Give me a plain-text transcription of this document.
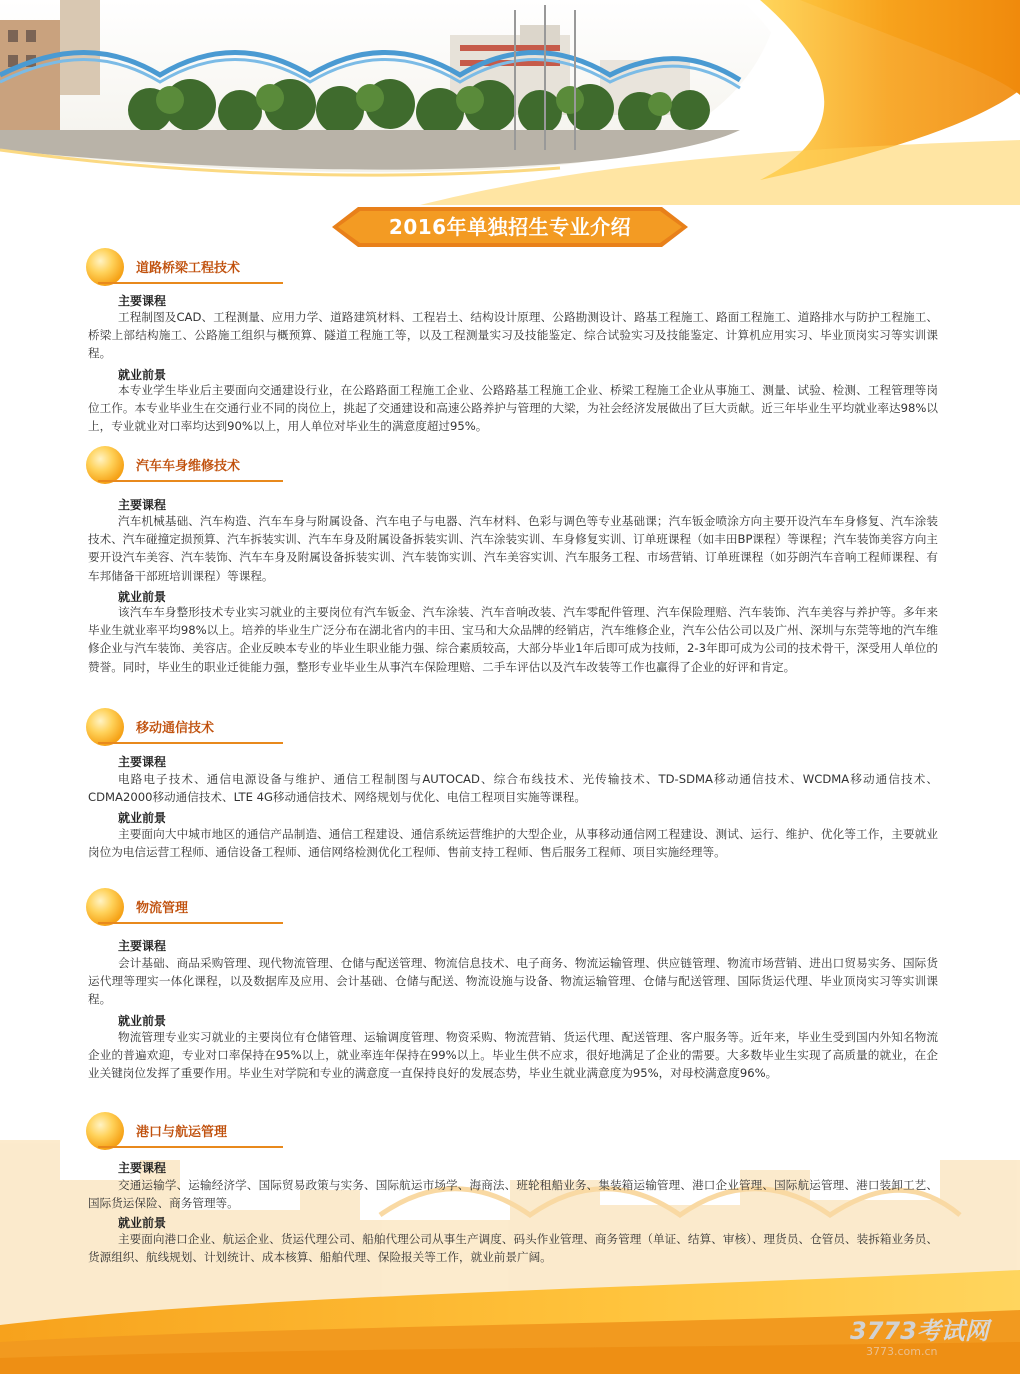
2016年单独招生专业介绍
道路桥梁工程技术
主要课程
工程制图及CAD、工程测量、应用力学、道路建筑材料、工程岩土、结构设计原理、公路勘测设计、路基工程施工、路面工程施工、道路排水与防护工程施工、桥梁上部结构施工、公路施工组织与概预算、隧道工程施工等，以及工程测量实习及技能鉴定、综合试验实习及技能鉴定、计算机应用实习、毕业顶岗实习等实训课程。
就业前景
本专业学生毕业后主要面向交通建设行业，在公路路面工程施工企业、公路路基工程施工企业、桥梁工程施工企业从事施工、测量、试验、检测、工程管理等岗位工作。本专业毕业生在交通行业不同的岗位上，挑起了交通建设和高速公路养护与管理的大梁，为社会经济发展做出了巨大贡献。近三年毕业生平均就业率达98%以上，专业就业对口率均达到90%以上，用人单位对毕业生的满意度超过95%。
汽车车身维修技术
主要课程
汽车机械基础、汽车构造、汽车车身与附属设备、汽车电子与电器、汽车材料、色彩与调色等专业基础课；汽车钣金喷涂方向主要开设汽车车身修复、汽车涂装技术、汽车碰撞定损预算、汽车拆装实训、汽车车身及附属设备拆装实训、汽车涂装实训、车身修复实训、订单班课程（如丰田BP课程）等课程；汽车装饰美容方向主要开设汽车美容、汽车装饰、汽车车身及附属设备拆装实训、汽车装饰实训、汽车美容实训、汽车服务工程、市场营销、订单班课程（如芬朗汽车音响工程师课程、有车邦储备干部班培训课程）等课程。
就业前景
该汽车车身整形技术专业实习就业的主要岗位有汽车钣金、汽车涂装、汽车音响改装、汽车零配件管理、汽车保险理赔、汽车装饰、汽车美容与养护等。多年来毕业生就业率平均98%以上。培养的毕业生广泛分布在湖北省内的丰田、宝马和大众品牌的经销店，汽车维修企业，汽车公估公司以及广州、深圳与东莞等地的汽车维修企业与汽车装饰、美容店。企业反映本专业的毕业生职业能力强、综合素质较高，大部分毕业1年后即可成为技师，2-3年即可成为公司的技术骨干，深受用人单位的赞誉。同时，毕业生的职业迁徙能力强，整形专业毕业生从事汽车保险理赔、二手车评估以及汽车改装等工作也赢得了企业的好评和肯定。
移动通信技术
主要课程
电路电子技术、通信电源设备与维护、通信工程制图与AUTOCAD、综合布线技术、光传输技术、TD-SDMA移动通信技术、WCDMA移动通信技术、CDMA2000移动通信技术、LTE 4G移动通信技术、网络规划与优化、电信工程项目实施等课程。
就业前景
主要面向大中城市地区的通信产品制造、通信工程建设、通信系统运营维护的大型企业，从事移动通信网工程建设、测试、运行、维护、优化等工作，主要就业岗位为电信运营工程师、通信设备工程师、通信网络检测优化工程师、售前支持工程师、售后服务工程师、项目实施经理等。
物流管理
主要课程
会计基础、商品采购管理、现代物流管理、仓储与配送管理、物流信息技术、电子商务、物流运输管理、供应链管理、物流市场营销、进出口贸易实务、国际货运代理等理实一体化课程，以及数据库及应用、会计基础、仓储与配送、物流设施与设备、物流运输管理、仓储与配送管理、国际货运代理、毕业顶岗实习等实训课程。
就业前景
物流管理专业实习就业的主要岗位有仓储管理、运输调度管理、物资采购、物流营销、货运代理、配送管理、客户服务等。近年来，毕业生受到国内外知名物流企业的普遍欢迎，专业对口率保持在95%以上，就业率连年保持在99%以上。毕业生供不应求，很好地满足了企业的需要。大多数毕业生实现了高质量的就业，在企业关键岗位发挥了重要作用。毕业生对学院和专业的满意度一直保持良好的发展态势，毕业生就业满意度为95%，对母校满意度96%。
港口与航运管理
主要课程
交通运输学、运输经济学、国际贸易政策与实务、国际航运市场学、海商法、班轮租船业务、集装箱运输管理、港口企业管理、国际航运管理、港口装卸工艺、国际货运保险、商务管理等。
就业前景
主要面向港口企业、航运企业、货运代理公司、船舶代理公司从事生产调度、码头作业管理、商务管理（单证、结算、审核）、理货员、仓管员、装拆箱业务员、货源组织、航线规划、计划统计、成本核算、船舶代理、保险报关等工作，就业前景广阔。
3773考试网
3773.com.cn
